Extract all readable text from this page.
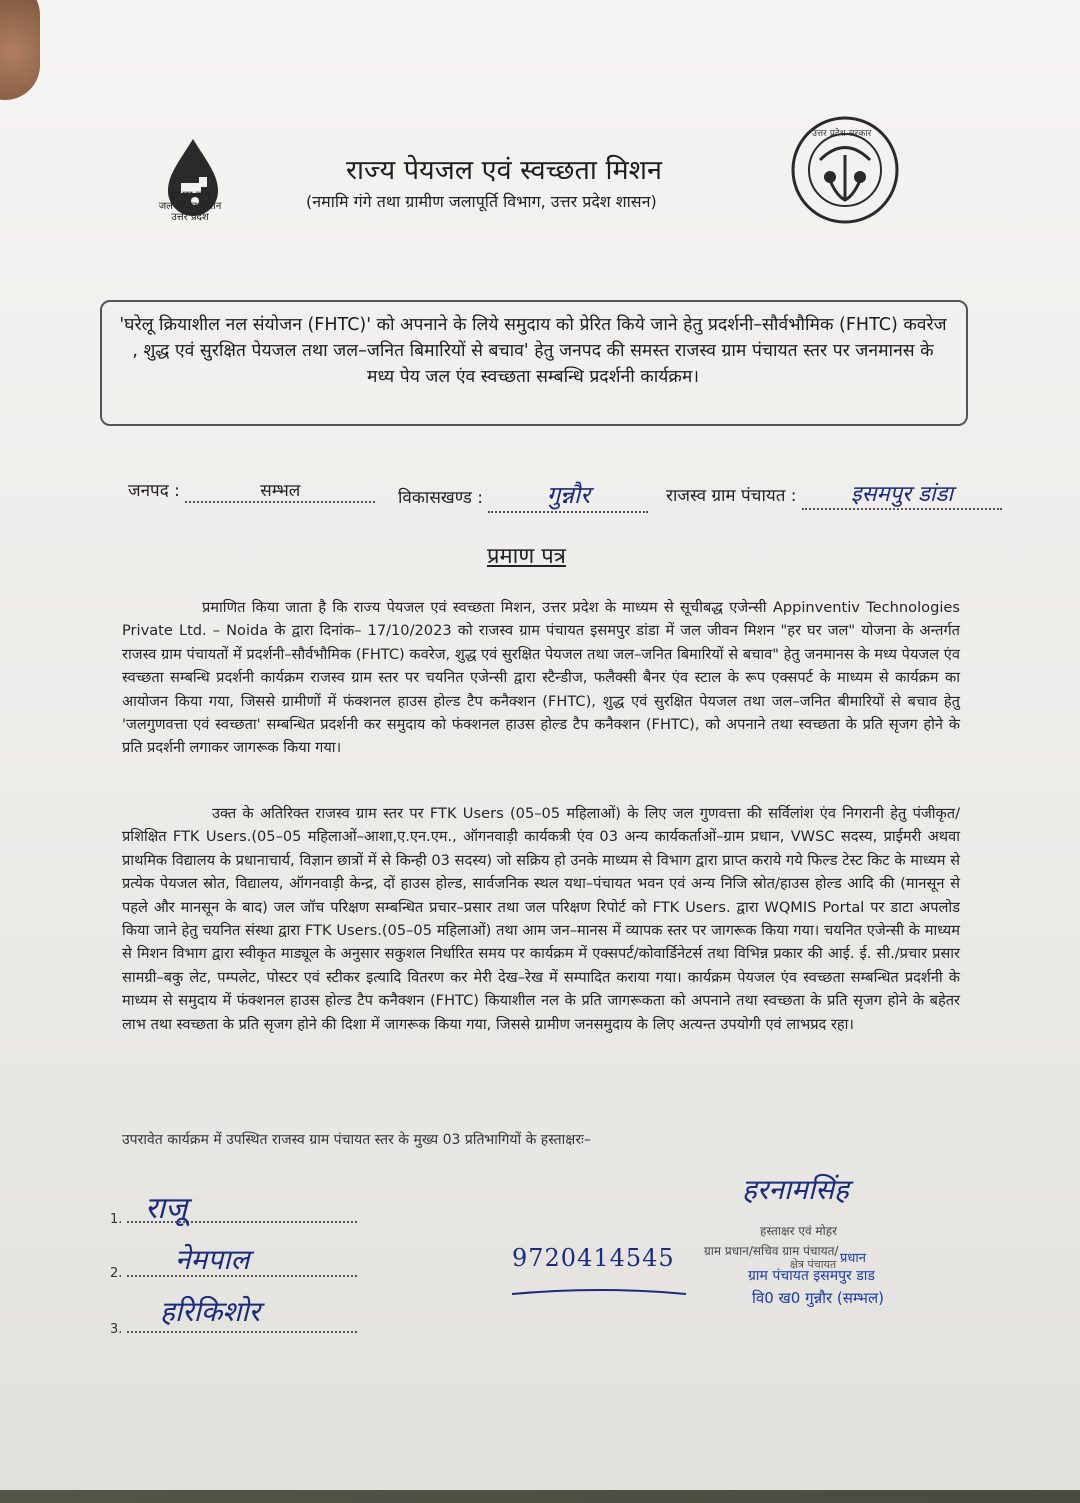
हर घर जल
जल जीवन मिशन
उत्तर प्रदेश
राज्य पेयजल एवं स्वच्छता मिशन
(नमामि गंगे तथा ग्रामीण जलापूर्ति विभाग, उत्तर प्रदेश शासन)
उत्तर प्रदेश सरकार
'घरेलू क्रियाशील नल संयोजन (FHTC)' को अपनाने के लिये समुदाय को प्रेरित किये जाने हेतु प्रदर्शनी–सौर्वभौमिक (FHTC) कवरेज , शुद्ध एवं सुरक्षित पेयजल तथा जल–जनित बिमारियों से बचाव' हेतु जनपद की समस्त राजस्व ग्राम पंचायत स्तर पर जनमानस के मध्य पेय जल एंव स्वच्छता सम्बन्धि प्रदर्शनी कार्यक्रम।
जनपद :	सम्भल	विकासखण्ड :	गुन्नौर	राजस्व ग्राम पंचायत : इसमपुर डांडा
प्रमाण पत्र
प्रमाणित किया जाता है कि राज्य पेयजल एवं स्वच्छता मिशन, उत्तर प्रदेश के माध्यम से सूचीबद्ध एजेन्सी Appinventiv Technologies Private Ltd. – Noida के द्वारा दिनांक– 17/10/2023 को राजस्व ग्राम पंचायत इसमपुर डांडा में जल जीवन मिशन "हर घर जल" योजना के अन्तर्गत राजस्व ग्राम पंचायतों में प्रदर्शनी–सौर्वभौमिक (FHTC) कवरेज, शुद्ध एवं सुरक्षित पेयजल तथा जल–जनित बिमारियों से बचाव" हेतु जनमानस के मध्य पेयजल एंव स्वच्छता सम्बन्धि प्रदर्शनी कार्यक्रम राजस्व ग्राम स्तर पर चयनित एजेन्सी द्वारा स्टैन्डीज, फलैक्सी बैनर एंव स्टाल के रूप एक्सपर्ट के माध्यम से कार्यक्रम का आयोजन किया गया, जिससे ग्रामीणों में फंक्शनल हाउस होल्ड टैप कनैक्शन (FHTC), शुद्ध एवं सुरक्षित पेयजल तथा जल–जनित बीमारियों से बचाव हेतु 'जलगुणवत्ता एवं स्वच्छता' सम्बन्धित प्रदर्शनी कर समुदाय को फंक्शनल हाउस होल्ड टैप कनैक्शन (FHTC), को अपनाने तथा स्वच्छता के प्रति सृजग होने के प्रति प्रदर्शनी लगाकर जागरूक किया गया।
उक्त के अतिरिक्त राजस्व ग्राम स्तर पर FTK Users (05–05 महिलाओं) के लिए जल गुणवत्ता की सर्विलांश एंव निगरानी हेतु पंजीकृत/प्रशिक्षित FTK Users.(05–05 महिलाओं–आशा,ए.एन.एम., ऑगनवाड़ी कार्यकत्री एंव 03 अन्य कार्यकर्ताओं–ग्राम प्रधान, VWSC सदस्य, प्राईमरी अथवा प्राथमिक विद्यालय के प्रधानाचार्य, विज्ञान छात्रों में से किन्ही 03 सदस्य) जो सक्रिय हो उनके माध्यम से विभाग द्वारा प्राप्त कराये गये फिल्ड टेस्ट किट के माध्यम से प्रत्येक पेयजल स्रोत, विद्यालय, ऑगनवाड़ी केन्द्र, दों हाउस होल्ड, सार्वजनिक स्थल यथा–पंचायत भवन एवं अन्य निजि स्रोत/हाउस होल्ड आदि की (मानसून से पहले और मानसून के बाद) जल जॉच परिक्षण सम्बन्धित प्रचार–प्रसार तथा जल परिक्षण रिपोर्ट को FTK Users. द्वारा WQMIS Portal पर डाटा अपलोड किया जाने हेतु चयनित संस्था द्वारा FTK Users.(05–05 महिलाओं) तथा आम जन–मानस में व्यापक स्तर पर जागरूक किया गया। चयनित एजेन्सी के माध्यम से मिशन विभाग द्वारा स्वीकृत माड्यूल के अनुसार सकुशल निर्धारित समय पर कार्यक्रम में एक्सपर्ट/कोवार्डिनेटर्स तथा विभिन्न प्रकार की आई. ई. सी./प्रचार प्रसार सामग्री–बकु लेट, पम्पलेट, पोस्टर एवं स्टीकर इत्यादि वितरण कर मेरी देख–रेख में सम्पादित कराया गया। कार्यक्रम पेयजल एंव स्वच्छता सम्बन्धित प्रदर्शनी के माध्यम से समुदाय में फंक्शनल हाउस होल्ड टैप कनैक्शन (FHTC) कियाशील नल के प्रति जागरूकता को अपनाने तथा स्वच्छता के प्रति सृजग होने के बहेतर लाभ तथा स्वच्छता के प्रति सृजग होने की दिशा में जागरूक किया गया, जिससे ग्रामीण जनसमुदाय के लिए अत्यन्त उपयोगी एवं लाभप्रद रहा।
उपरावेत कार्यक्रम में उपस्थित राजस्व ग्राम पंचायत स्तर के मुख्य 03 प्रतिभागियों के हस्ताक्षरः–
1. राजू
2.	नेमपाल
3.
हरिकिशोर
9720414545
हरनामसिंह
हस्ताक्षर एवं मोहर
ग्राम प्रधान/सचिव ग्राम पंचायत/
क्षेत्र पंचायत प्रधान
ग्राम पंचायत इसमपुर डाड
वि0 ख0 गुन्नौर (सम्भल)
